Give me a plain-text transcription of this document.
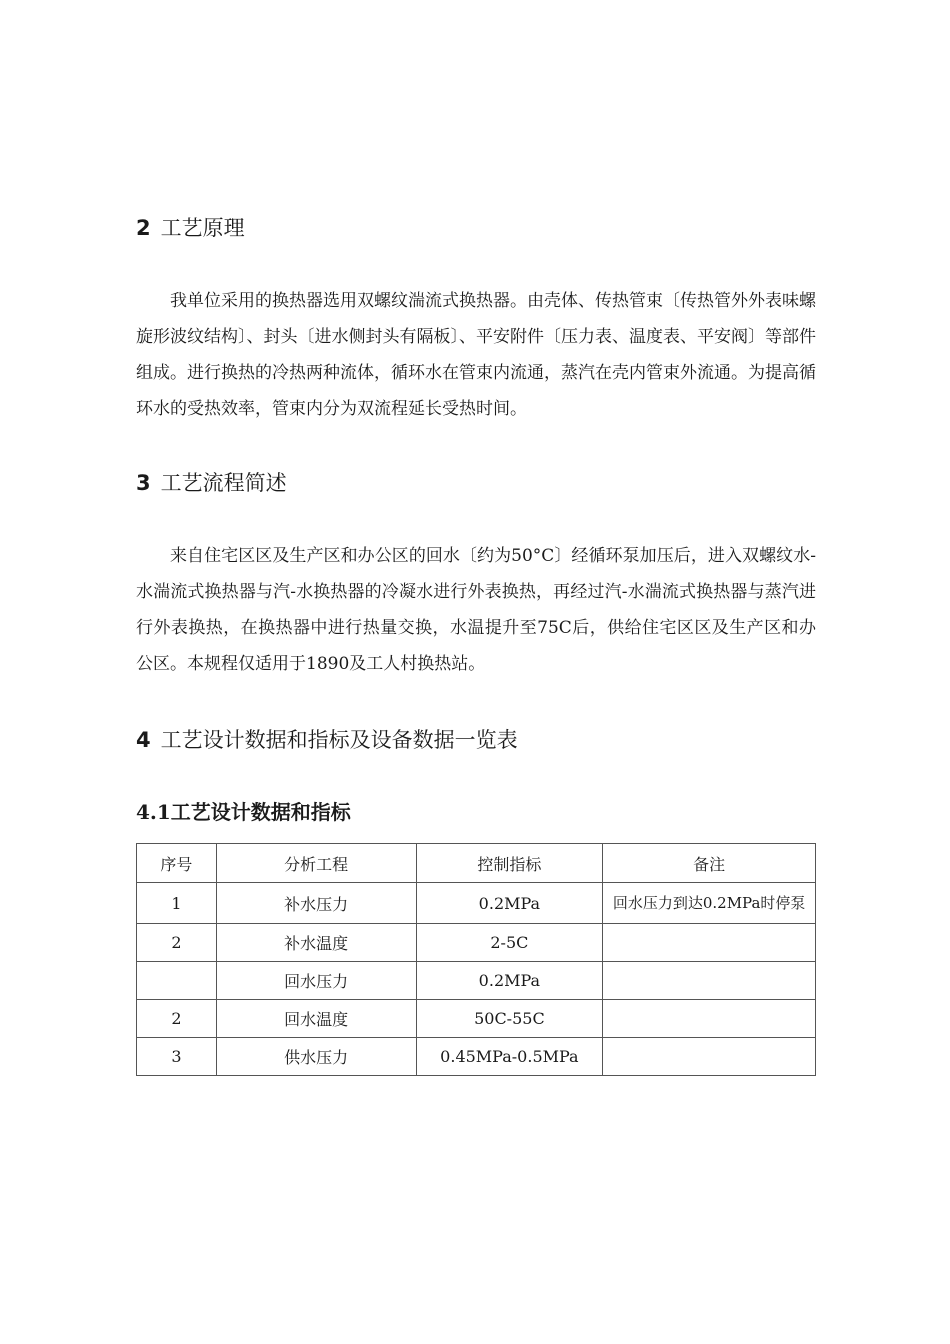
2 工艺原理

我单位采用的换热器选用双螺纹湍流式换热器。由壳体、传热管束〔传热管外外表味螺旋形波纹结构〕、封头〔进水侧封头有隔板〕、平安附件〔压力表、温度表、平安阀〕等部件组成。进行换热的冷热两种流体，循环水在管束内流通，蒸汽在壳内管束外流通。为提高循环水的受热效率，管束内分为双流程延长受热时间。

3 工艺流程简述

来自住宅区区及生产区和办公区的回水〔约为50°C〕经循环泵加压后，进入双螺纹水-水湍流式换热器与汽-水换热器的冷凝水进行外表换热，再经过汽-水湍流式换热器与蒸汽进行外表换热，在换热器中进行热量交换，水温提升至75C后，供给住宅区区及生产区和办公区。本规程仅适用于1890及工人村换热站。

4 工艺设计数据和指标及设备数据一览表
4.1工艺设计数据和指标
序号	分析工程	控制指标	备注
1	补水压力	0.2MPa	回水压力到达0.2MPa时停泵
2	补水温度	2-5C	
	回水压力	0.2MPa	
2	回水温度	50C-55C	
3	供水压力	0.45MPa-0.5MPa	
